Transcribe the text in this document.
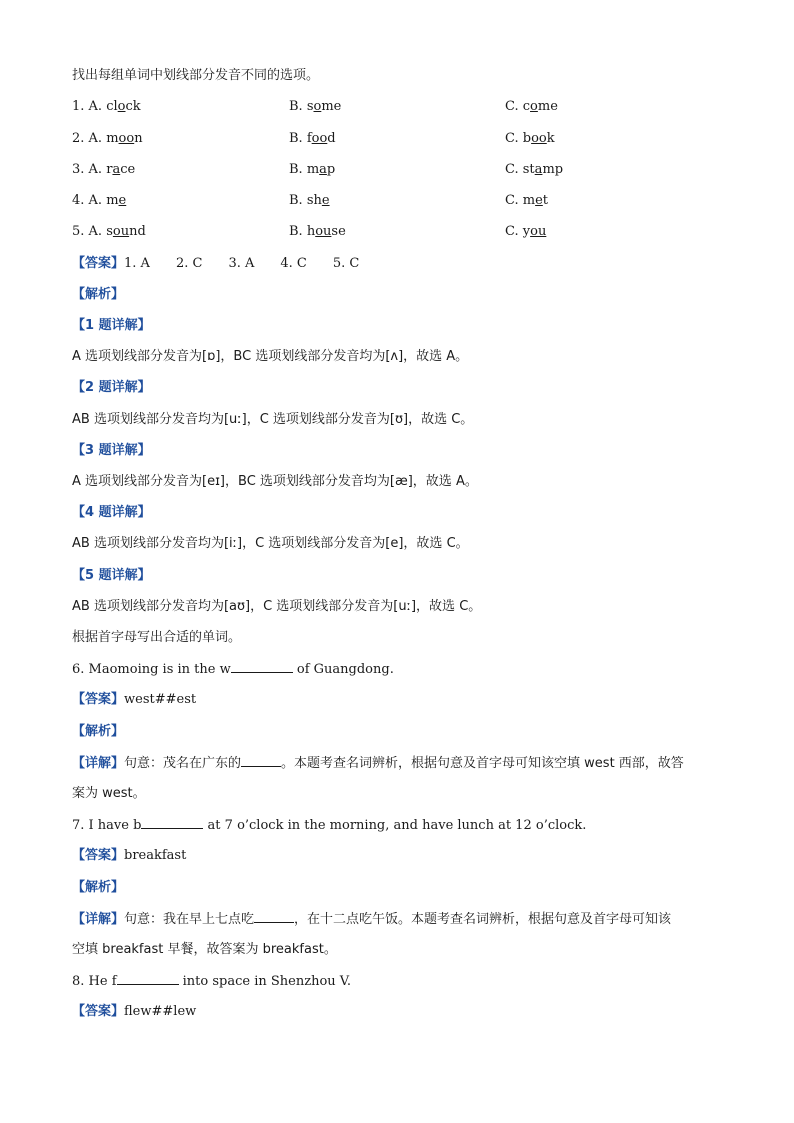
找出每组单词中划线部分发音不同的选项。
1. A. clock	B. some	C. come
2. A. moon	B. food	C. book
3. A. race	B. map	C. stamp
4. A. me	B. she	C. met
5. A. sound	B. house	C. you
【答案】1. A 2. C 3. A 4. C 5. C
【解析】
【1 题详解】
A 选项划线部分发音为[ɒ]，BC 选项划线部分发音均为[ʌ]，故选 A。
【2 题详解】
AB 选项划线部分发音均为[uː]，C 选项划线部分发音为[ʊ]，故选 C。
【3 题详解】
A 选项划线部分发音为[eɪ]，BC 选项划线部分发音均为[æ]，故选 A。
【4 题详解】
AB 选项划线部分发音均为[iː]，C 选项划线部分发音为[e]，故选 C。
【5 题详解】
AB 选项划线部分发音均为[aʊ]，C 选项划线部分发音为[uː]，故选 C。
根据首字母写出合适的单词。
6. Maomoing is in the w	of Guangdong.
【答案】west##est
【解析】
【详解】句意：茂名在广东的	。本题考查名词辨析，根据句意及首字母可知该空填 west 西部，故答
案为 west。
7. I have b	at 7 o’clock in the morning, and have lunch at 12 o’clock.
【答案】breakfast
【解析】
【详解】句意：我在早上七点吃	，在十二点吃午饭。本题考查名词辨析，根据句意及首字母可知该
空填 breakfast 早餐，故答案为 breakfast。
8. He f	into space in Shenzhou V.
【答案】flew##lew
